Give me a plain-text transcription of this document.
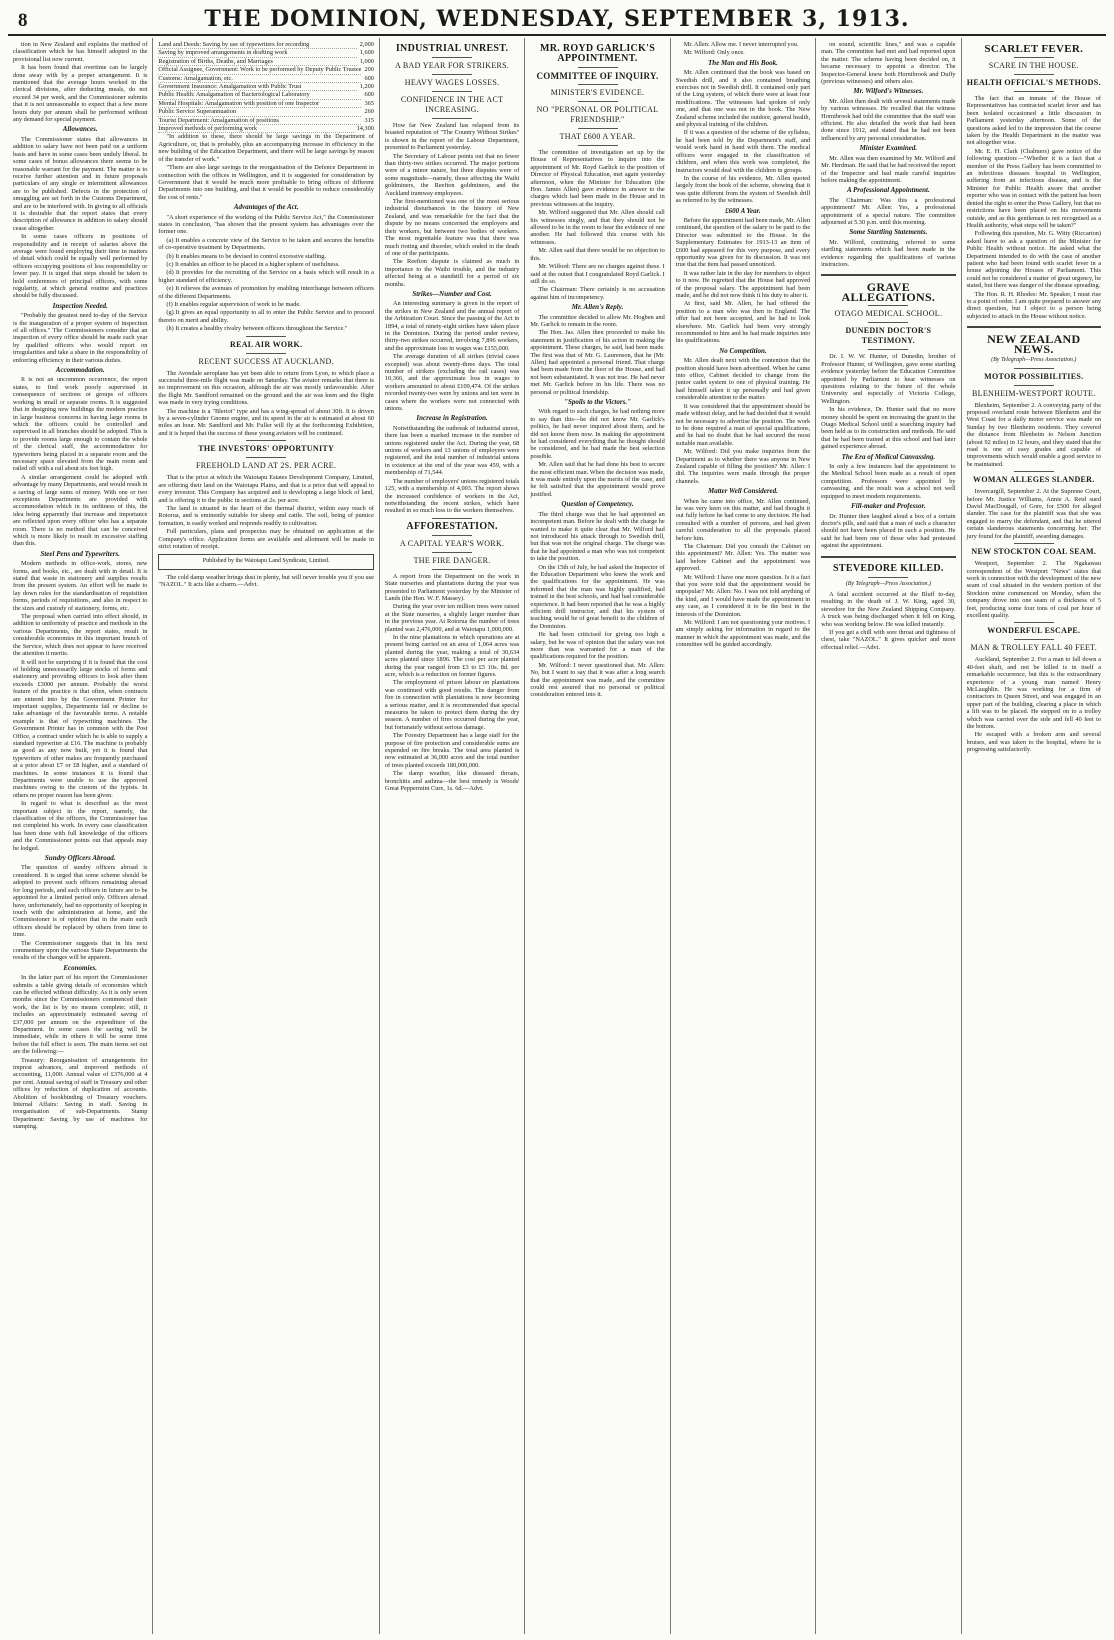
8	THE DOMINION, WEDNESDAY, SEPTEMBER 3, 1913.

tion in New Zealand and explains the method of classification which he has himself adopted in the provisional list now current.

It has been found that overtime can be largely done away with by a proper arrangement. It is mentioned that the average hours worked in the clerical divisions, after deducting meals, do not exceed 34 per week, and the Commissioner submits that it is not unreasonable to expect that a few more hours duty per annum shall be performed without any demand for special payment.

Allowances.

The Commissioner states that allowances in addition to salary have not been paid on a uniform basis and have in some cases been unduly liberal. In some cases of bonus allowances there seems to be reasonable warrant for the payment. The matter is to receive further attention and in future proposals particulars of any single or intermittent allowances are to be published. Defects in the protection of smuggling are set forth in the Customs Department, and are to be interfered with. In giving to all officials it is desirable that the report states that every description of allowance in addition to salary should cease altogether.

In some cases officers in positions of responsibility and in receipt of salaries above the average were found employing their time in matters of detail which could be equally well performed by officers occupying positions of less responsibility or lower pay. It is urged that steps should be taken to hold conferences of principal officers, with some regularity, at which general routine and practices should be fully discussed.

Inspection Needed.

"Probably the greatest need to-day of the Service is the inauguration of a proper system of inspection of all offices." The Commissioners consider that an inspection of every office should be made each year by qualified officers who would report on irregularities and take a share in the responsibility of enforcing efficiency in their various duties.

Accommodation.

It is not an uncommon occurrence, the report states, to find work poorly supervised in consequence of sections or groups of officers working in small or separate rooms. It is suggested that in designing new buildings the modern practice in large business concerns in having large rooms in which the officers could be controlled and supervised in all branches should be adopted. This is to provide rooms large enough to contain the whole of the clerical staff, the accommodation for typewriters being placed in a separate room and the necessary space elevated from the main room and railed off with a rail about six feet high.

A similar arrangement could be adopted with advantage by many Departments, and would result in a saving of large sums of money. With one or two exceptions Departments are provided with accommodation which in its unfitness of this, the idea being apparently that increase and importance are reflected upon every officer who has a separate room. There is no method that can be conceived which is more likely to result in excessive staffing than this.

Steel Pens and Typewriters.

Modern methods in office-work, stores, new forms, and books, etc., are dealt with in detail. It is stated that waste in stationery and supplies results from the present system. An effort will be made to lay down rules for the standardisation of requisition forms, periods of requisitions, and also in respect to the sizes and custody of stationery, forms, etc.

The proposal when carried into effect should, in addition to uniformity of practice and methods in the various Departments, the report states, result in considerable economies in this important branch of the Service, which does not appear to have received the attention it merits.

It will not be surprising if it is found that the cost of holding unnecessarily large stocks of forms and stationery and providing officers to look after them exceeds £3000 per annum. Probably the worst feature of the practice is that often, when contracts are entered into by the Government Printer for important supplies, Departments fail or decline to take advantage of the favourable terms. A notable example is that of typewriting machines. The Government Printer has in common with the Post Office, a contract under which he is able to supply a standard typewriter at £16. The machine is probably as good as any now built, yet it is found that typewriters of other makes are frequently purchased at a price about £7 or £8 higher, and a standard of machines. In some instances it is found that Departments were unable to use the approved machines owing to the custom of the typists. In others no proper reason has been given.

In regard to what is described as the most important subject in the report, namely, the classification of the officers, the Commissioner has not completed his work. In every case classification has been done with full knowledge of the officers and the Commissioner points out that appeals may be lodged.

Sundry Officers Abroad.

The question of sundry officers abroad is considered. It is urged that some scheme should be adopted to prevent such officers remaining abroad for long periods, and such officers in future are to be appointed for a limited period only. Officers abroad have, unfortunately, had no opportunity of keeping in touch with the administration at home, and the Commissioner is of opinion that in the main such officers should be replaced by others from time to time.

The Commissioner suggests that in his next commentary upon the various State Departments the results of the changes will be apparent.

Economies.

In the latter part of his report the Commissioner submits a table giving details of economies which can be effected without difficulty. As it is only seven months since the Commissioners commenced their work, the list is by no means complete; still, it includes an approximately estimated saving of £37,000 per annum on the expenditure of the Department. In some cases the saving will be immediate, while in others it will be some time before the full effect is seen. The main items set out are the following:—

Treasury: Reorganisation of arrangements for imprest advances, and improved methods of accounting, 11,000. Annual value of £376,000 at 4 per cent. Annual saving of staff in Treasury and other offices by reduction of duplication of accounts. Abolition of bookbinding of Treasury vouchers. Internal Affairs: Saving in staff. Saving in reorganisation of sub-Departments. Stamp Department: Saving by use of machines for stamping.

Land and Deeds: Saving by use of typewriters for recording	2,000
Saving by improved arrangements in drafting work	1,600
Registration of Births, Deaths, and Marriages	1,000
Official Assignee, Government: Work to be performed by Deputy Public Trustee 200
Customs: Amalgamation, etc.	600
Government Insurance: Amalgamation with Public Trust	1,200
Public Health: Amalgamation of Bacteriological Laboratory	600
Mental Hospitals: Amalgamation with position of one Inspector	365
Public Service Superannuation	260
Tourist Department: Amalgamation of positions	315
Improved methods of performing work	14,300

"In addition to these, there should be large savings in the Department of Agriculture, or, that is probably, plus an accompanying increase in efficiency in the new building of the Education Department, and there will be large savings by reason of the transfer of work."

"There are also large savings in the reorganisation of the Defence Department in connection with the offices in Wellington, and it is suggested for consideration by Government that it would be much more profitable to bring offices of different Departments into one building, and that it would be possible to reduce considerably the cost of rents."

Advantages of the Act.

"A short experience of the working of the Public Service Act," the Commissioner states in conclusion, "has shown that the present system has advantages over the former one.

(a) It enables a concrete view of the Service to be taken and secures the benefits of co-operative treatment by Departments.

(b) It enables means to be devised to control excessive staffing.

(c) It enables an officer to be placed in a higher sphere of usefulness.

(d) It provides for the recruiting of the Service on a basis which will result in a higher standard of efficiency.

(e) It relieves the avenues of promotion by enabling interchange between officers of the different Departments.

(f) It enables regular supervision of work to be made.

(g) It gives an equal opportunity to all to enter the Public Service and to proceed thereto on merit and ability.

(h) It creates a healthy rivalry between officers throughout the Service."

REAL AIR WORK.
RECENT SUCCESS AT AUCKLAND.

The Avondale aeroplane has yet been able to return from Lyon, to which place a successful three-mile flight was made on Saturday. The aviator remarks that there is no improvement on this occasion, although the air was mostly unfavourable. After the flight Mr. Sandford remained on the ground and the air was keen and the flight was made in very trying conditions.

The machine is a "Bleriot" type and has a wing-spread of about 30ft. It is driven by a seven-cylinder Gnome engine, and its speed in the air is estimated at about 60 miles an hour. Mr. Sandford and Mr. Fuller will fly at the forthcoming Exhibition, and it is hoped that the success of these young aviators will be continued.

THE INVESTORS' OPPORTUNITY
FREEHOLD LAND AT 2S. PER ACRE.

That is the price at which the Waiotapu Estates Development Company, Limited, are offering their land on the Waiotapu Plains, and that is a price that will appeal to every investor. This Company has acquired and is developing a large block of land, and is offering it to the public in sections at 2s. per acre.

The land is situated in the heart of the thermal district, within easy reach of Rotorua, and is eminently suitable for sheep and cattle. The soil, being of pumice formation, is easily worked and responds readily to cultivation.

Full particulars, plans and prospectus may be obtained on application at the Company's office. Application forms are available and allotment will be made in strict rotation of receipt.

Published by the Waiotapu Land Syndicate, Limited.

The cold damp weather brings dust in plenty, but will never trouble you if you use "NAZOL." It acts like a charm.—Advt.

INDUSTRIAL UNREST.
A BAD YEAR FOR STRIKERS.
HEAVY WAGES LOSSES.
CONFIDENCE IN THE ACT INCREASING.

How far New Zealand has relapsed from its boasted reputation of "The Country Without Strikes" is shown in the report of the Labour Department, presented to Parliament yesterday.

The Secretary of Labour points out that no fewer than thirty-two strikes occurred. The major portions were of a minor nature, but three disputes were of some magnitude—namely, those affecting the Waihi goldminers, the Reefton goldminers, and the Auckland tramway employees.

The first-mentioned was one of the most serious industrial disturbances in the history of New Zealand, and was remarkable for the fact that the dispute by no means concerned the employers and their workers, but between two bodies of workers. The most regrettable feature was that there was much rioting and disorder, which ended in the death of one of the participants.

The Reefton dispute is claimed as much in importance to the Waihi trouble, and the industry affected being at a standstill for a period of six months.

Strikes—Number and Cost.

An interesting summary is given in the report of the strikes in New Zealand and the annual report of the Arbitration Court. Since the passing of the Act in 1894, a total of ninety-eight strikes have taken place in the Dominion. During the period under review, thirty-two strikes occurred, involving 7,896 workers, and the approximate loss in wages was £155,000.

The average duration of all strikes (trivial cases excepted) was about twenty-three days. The total number of strikers (excluding the rail cases) was 10,366, and the approximate loss in wages to workers amounted to about £109,474. Of the strikes recorded twenty-two were by unions and ten were in cases where the workers were not connected with unions.

Increase in Registration.

Notwithstanding the outbreak of industrial unrest, there has been a marked increase in the number of unions registered under the Act. During the year, 68 unions of workers and 13 unions of employers were registered, and the total number of industrial unions in existence at the end of the year was 459, with a membership of 71,544.

The number of employers' unions registered totals 125, with a membership of 4,003. The report shows the increased confidence of workers in the Act, notwithstanding the recent strikes, which have resulted in so much loss to the workers themselves.

AFFORESTATION.
A CAPITAL YEAR'S WORK.
THE FIRE DANGER.

A report from the Department on the work in State nurseries and plantations during the year was presented to Parliament yesterday by the Minister of Lands (the Hon. W. F. Massey).

During the year over ten million trees were raised at the State nurseries, a slightly larger number than in the previous year. At Rotorua the number of trees planted was 2,476,000, and at Waiotapu 1,000,000.

In the nine plantations in which operations are at present being carried on an area of 1,064 acres was planted during the year, making a total of 30,634 acres planted since 1896. The cost per acre planted during the year ranged from £3 to £5 10s. 8d. per acre, which is a reduction on former figures.

The employment of prison labour on plantations was continued with good results. The danger from fire in connection with plantations is now becoming a serious matter, and it is recommended that special measures be taken to protect them during the dry season. A number of fires occurred during the year, but fortunately without serious damage.

The Forestry Department has a large staff for the purpose of fire protection and considerable sums are expended on fire breaks. The total area planted is now estimated at 36,000 acres and the total number of trees planted exceeds 180,000,000.

The damp weather, like diseased throats, bronchitis and asthma—the best remedy is Woods' Great Peppermint Cure, 1s. 6d.—Advt.

MR. ROYD GARLICK'S APPOINTMENT.
COMMITTEE OF INQUIRY.
MINISTER'S EVIDENCE.
NO "PERSONAL OR POLITICAL FRIENDSHIP."
THAT £600 A YEAR.

The committee of investigation set up by the House of Representatives to inquire into the appointment of Mr. Royd Garlick to the position of Director of Physical Education, met again yesterday afternoon, when the Minister for Education (the Hon. James Allen) gave evidence in answer to the charges which had been made in the House and in previous witnesses at the inquiry.

Mr. Wilford suggested that Mr. Allen should call his witnesses singly, and that they should not be allowed to be in the room to hear the evidence of one another. He had followed this course with his witnesses.

Mr. Allen said that there would be no objection to this.

Mr. Wilford: There are no charges against these. I said at the outset that I congratulated Royd Garlick. I still do so.

The Chairman: There certainly is no accusation against him of incompetency.

Mr. Allen's Reply.

The committee decided to allow Mr. Hogben and Mr. Garlick to remain in the room.

The Hon. Jas. Allen then proceeded to make his statement in justification of his action in making the appointment. These charges, he said, had been made. The first was that of Mr. G. Laurenson, that he (Mr. Allen) had appointed a personal friend. That charge had been made from the floor of the House, and had not been substantiated. It was not true. He had never met Mr. Garlick before in his life. There was no personal or political friendship.

"Spoils to the Victors."

With regard to such charges, he had nothing more to say than this—he did not know Mr. Garlick's politics, he had never inquired about them, and he did not know them now. In making the appointment he had considered everything that he thought should be considered, and he had made the best selection possible.

Mr. Allen said that he had done his best to secure the most efficient man. When the decision was made, it was made entirely upon the merits of the case, and he felt satisfied that the appointment would prove justified.

Question of Competency.

The third charge was that he had appointed an incompetent man. Before he dealt with the charge he wanted to make it quite clear that Mr. Wilford had not introduced his attack through to Swedish drill, but that was not the original charge. The charge was that he had appointed a man who was not competent to take the position.

On the 15th of July, he had asked the Inspector of the Education Department who knew the work and the qualifications for the appointment. He was informed that the man was highly qualified, had trained in the best schools, and had had considerable experience. It had been reported that he was a highly efficient drill instructor, and that his system of teaching would be of great benefit to the children of the Dominion.

He had been criticised for giving too high a salary, but he was of opinion that the salary was not more than was warranted for a man of the qualifications required for the position.

Mr. Wilford: I never questioned that. Mr. Allen: No, but I want to say that it was after a long search that the appointment was made, and the committee could rest assured that no personal or political consideration entered into it.

Mr. Allen: Allow me. I never interrupted you.

Mr. Wilford: Only once.

The Man and His Book.

Mr. Allen continued that the book was based on Swedish drill, and it also contained breathing exercises not in Swedish drill. It contained only part of the Ling system, of which there were at least four modifications. The witnesses had spoken of only one, and that one was not in the book. The New Zealand scheme included the outdoor, general health, and physical training of the children.

If it was a question of the scheme of the syllabus, he had been told by the Department's staff, and would work hand in hand with them. The medical officers were engaged in the classification of children, and when this work was completed, the instructors would deal with the children in groups.

In the course of his evidence, Mr. Allen quoted largely from the book of the scheme, showing that it was quite different from the system of Swedish drill as referred to by the witnesses.

£600 A Year.

Before the appointment had been made, Mr. Allen continued, the question of the salary to be paid to the Director was submitted to the House. In the Supplementary Estimates for 1913-13 an item of £600 had appeared for this very purpose, and every opportunity was given for its discussion. It was not true that the item had passed unnoticed.

It was rather late in the day for members to object to it now. He regretted that the House had approved of the proposal salary. The appointment had been made, and he did not now think it his duty to alter it.

At first, said Mr. Allen, he had offered the position to a man who was then in England. The offer had not been accepted, and he had to look elsewhere. Mr. Garlick had been very strongly recommended to him and he had made inquiries into his qualifications.

No Competition.

Mr. Allen dealt next with the contention that the position should have been advertised. When he came into office, Cabinet decided to change from the junior cadet system to one of physical training. He had himself taken it up personally and had given considerable attention to the matter.

It was considered that the appointment should be made without delay, and he had decided that it would not be necessary to advertise the position. The work to be done required a man of special qualifications, and he had no doubt that he had secured the most suitable man available.

Mr. Wilford: Did you make inquiries from the Department as to whether there was anyone in New Zealand capable of filling the position? Mr. Allen: I did. The inquiries were made through the proper channels.

Matter Well Considered.

When he came into office, Mr. Allen continued, he was very keen on this matter, and had thought it out fully before he had come to any decision. He had consulted with a number of persons, and had given careful consideration to all the proposals placed before him.

The Chairman: Did you consult the Cabinet on this appointment? Mr. Allen: Yes. The matter was laid before Cabinet and the appointment was approved.

Mr. Wilford: I have one more question. Is it a fact that you were told that the appointment would be unpopular? Mr. Allen: No. I was not told anything of the kind, and I would have made the appointment in any case, as I considered it to be the best in the interests of the Dominion.

Mr. Wilford: I am not questioning your motives. I am simply asking for information in regard to the manner in which the appointment was made, and the committee will be guided accordingly.

on sound, scientific lines," and was a capable man. The committee had met and had reported upon the matter. The scheme having been decided on, it became necessary to appoint a director. The Inspector-General knew both Hornibrook and Duffy (previous witnesses) and others also.

Mr. Wilford's Witnesses.

Mr. Allen then dealt with several statements made by various witnesses. He recalled that the witness Hornibrook had told the committee that the staff was efficient. He also detailed the work that had been done since 1912, and stated that he had not been influenced by any personal consideration.

Minister Examined.

Mr. Allen was then examined by Mr. Wilford and Mr. Herdman. He said that he had received the report of the Inspector and had made careful inquiries before making the appointment.

A Professional Appointment.

The Chairman: Was this a professional appointment? Mr. Allen: Yes, a professional appointment of a special nature. The committee adjourned at 5.30 p.m. until this morning.

Some Startling Statements.

Mr. Wilford, continuing, referred to some startling statements which had been made in the evidence regarding the qualifications of various instructors.

GRAVE ALLEGATIONS.
OTAGO MEDICAL SCHOOL.
DUNEDIN DOCTOR'S TESTIMONY.

Dr. I. W. W. Hunter, of Dunedin, brother of Professor Hunter, of Wellington, gave some startling evidence yesterday before the Education Committee appointed by Parliament to hear witnesses on questions relating to the future of the whole University and especially of Victoria College, Wellington.

In his evidence, Dr. Hunter said that no more money should be spent on increasing the grant to the Otago Medical School until a searching inquiry had been held as to its construction and methods. He said that he had been trained at this school and had later gained experience abroad.

The Era of Medical Canvassing.

In only a few instances had the appointment to the Medical School been made as a result of open competition. Professors were appointed by canvassing, and the result was a school not well equipped to meet modern requirements.

Fill-maker and Professor.

Dr. Hunter then laughed aloud a box of a certain doctor's pills, and said that a man of such a character should not have been placed in such a position. He said he had been one of those who had protested against the appointment.

STEVEDORE KILLED.
(By Telegraph—Press Association.)

A fatal accident occurred at the Bluff to-day, resulting in the death of J. W. King, aged 30, stevedore for the New Zealand Shipping Company. A truck was being discharged when it fell on King, who was working below. He was killed instantly.

If you get a chill with sore throat and tightness of chest, take "NAZOL." It gives quicker and more effectual relief.—Advt.

SCARLET FEVER.
SCARE IN THE HOUSE.
HEALTH OFFICIAL'S METHODS.

The fact that an inmate of the House of Representatives has contracted scarlet fever and has been isolated occasioned a little discussion in Parliament yesterday afternoon. Some of the questions asked led to the impression that the course taken by the Health Department in the matter was not altogether wise.

Mr. E. H. Clark (Chalmers) gave notice of the following question:—"Whether it is a fact that a member of the Press Gallery has been committed to an infectious diseases hospital in Wellington, suffering from an infectious disease, and is the Minister for Public Health aware that another reporter who was in contact with the patient has been denied the right to enter the Press Gallery, but that no restrictions have been placed on his movements outside, and as this gentleman is not recognised as a Health authority, what steps will be taken?"

Following this question, Mr. G. Witty (Riccarton) asked leave to ask a question of the Minister for Public Health without notice. He asked what the Department intended to do with the case of another patient who had been found with scarlet fever in a house adjoining the Houses of Parliament. This could not be considered a matter of great urgency, he stated, but there was danger of the disease spreading.

The Hon. R. H. Rhodes: Mr. Speaker, I must rise to a point of order. I am quite prepared to answer any direct question, but I object to a person being subjected to attack in the House without notice.

NEW ZEALAND NEWS.
(By Telegraph—Press Association.)
MOTOR POSSIBILITIES.
BLENHEIM-WESTPORT ROUTE.

Blenheim, September 2. A conveying party of the proposed overland route between Blenheim and the West Coast for a daily motor service was made on Sunday by two Blenheim residents. They covered the distance from Blenheim to Nelson Junction (about 92 miles) in 12 hours, and they stated that the road is one of easy grades and capable of improvements which would enable a good service to be maintained.

WOMAN ALLEGES SLANDER.

Invercargill, September 2. At the Supreme Court, before Mr. Justice Williams, Annie A. Reid sued David MacDougall, of Gore, for £500 for alleged slander. The case for the plaintiff was that she was engaged to marry the defendant, and that he uttered certain slanderous statements concerning her. The jury found for the plaintiff, awarding damages.

NEW STOCKTON COAL SEAM.

Westport, September 2. The Ngakawau correspondent of the Westport "News" states that work in connection with the development of the new seam of coal situated in the western portion of the Stockton mine commenced on Monday, when the company drove into one seam of a thickness of 5 feet, producing some four tons of coal per hour of excellent quality.

WONDERFUL ESCAPE.
MAN & TROLLEY FALL 40 FEET.

Auckland, September 2. For a man to fall down a 40-feet shaft, and not be killed is in itself a remarkable occurrence, but this is the extraordinary experience of a young man named Henry McLaughlin. He was working for a firm of contractors in Queen Street, and was engaged in an upper part of the building, clearing a place in which a lift was to be placed. He stepped on to a trolley which was carried over the side and fell 40 feet to the bottom.

He escaped with a broken arm and several bruises, and was taken to the hospital, where he is progressing satisfactorily.
